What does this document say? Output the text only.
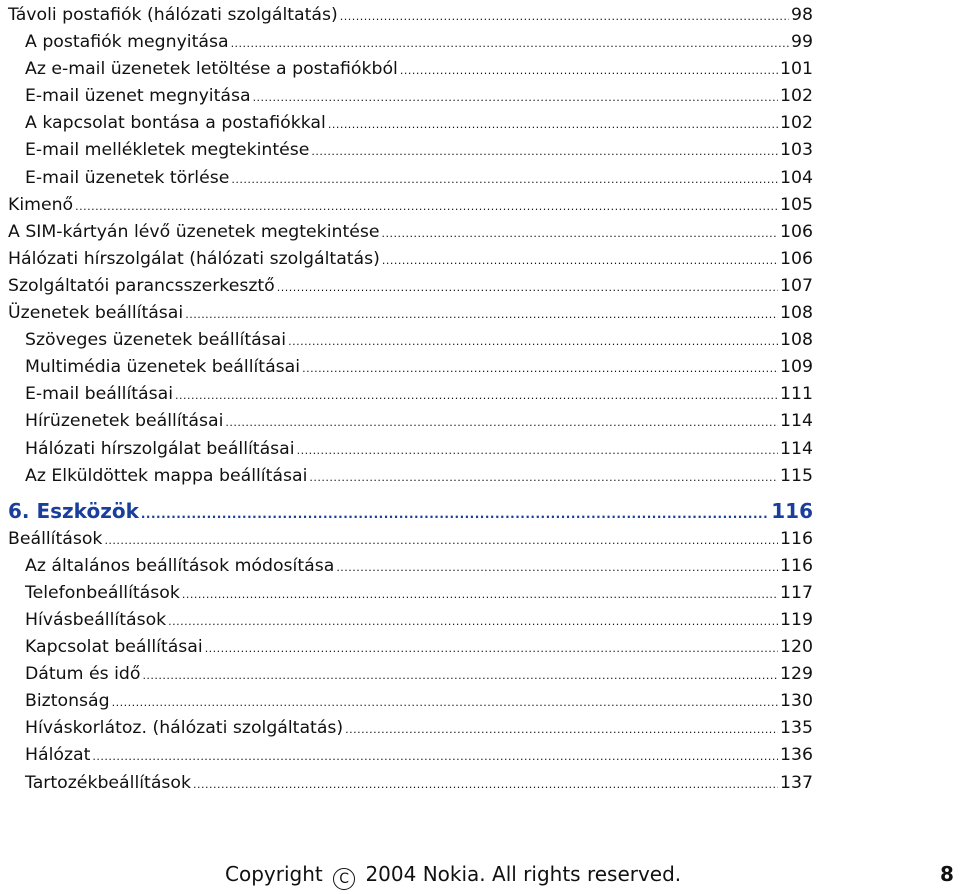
Távoli postafiók (hálózati szolgáltatás) .....	98
A postafiók megnyitása .....	99
Az e-mail üzenetek letöltése a postafiókból .....	101
E-mail üzenet megnyitása .....	102
A kapcsolat bontása a postafiókkal .....	102
E-mail mellékletek megtekintése .....	103
E-mail üzenetek törlése .....	104
Kimenő .....	105
A SIM-kártyán lévő üzenetek megtekintése .....	106
Hálózati hírszolgálat (hálózati szolgáltatás) .....	106
Szolgáltatói parancsszerkesztő .....	107
Üzenetek beállításai .....	108
Szöveges üzenetek beállításai .....	108
Multimédia üzenetek beállításai .....	109
E-mail beállításai .....	111
Hírüzenetek beállításai .....	114
Hálózati hírszolgálat beállításai .....	114
Az Elküldöttek mappa beállításai .....	115
6. Eszközök .....	116
Beállítások .....	116
Az általános beállítások módosítása .....	116
Telefonbeállítások .....	117
Hívásbeállítások .....	119
Kapcsolat beállításai .....	120
Dátum és idő .....	129
Biztonság .....	130
Híváskorlátoz. (hálózati szolgáltatás) .....	135
Hálózat .....	136
Tartozékbeállítások .....	137
Copyright C 2004 Nokia. All rights reserved.	8
